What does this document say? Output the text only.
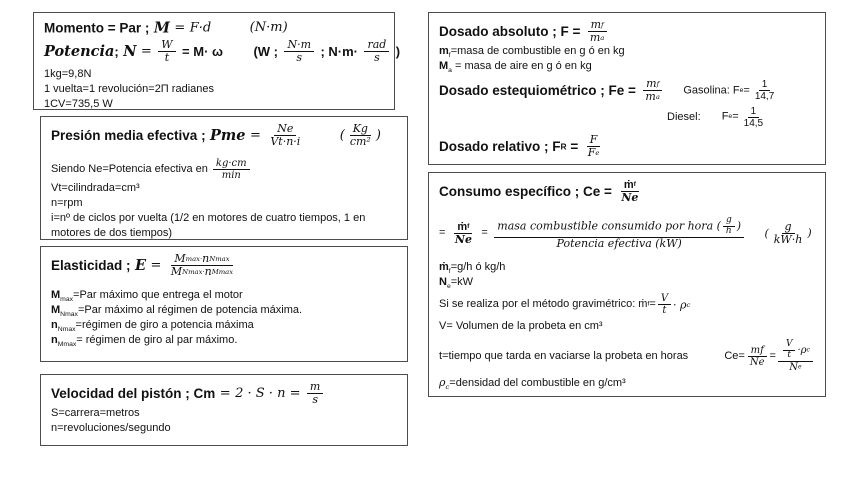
Momento = Par ; M = F·d	(N·m)
Potencia; $N = \frac{W}{t} = M\cdot \omega$ (W ; $\frac{N\cdot m}{s}$ ; $N\cdot m\cdot \frac{\text{rad}}{s}$ )
1kg=9,8N
1 vuelta=1 revolución=2Π radianes
1CV=735,5 W
Presión media efectiva ; Pme = $\frac{Ne}{Vt\cdot n\cdot i}$	( $\frac{Kg}{\text{cm²}}$ )
Siendo Ne=Potencia efectiva en $\frac{kg\cdot cm}{\min}$
Vt=cilindrada=cm³
n=rpm
i=nº de ciclos por vuelta (1/2 en motores de cuatro tiempos, 1 en motores de dos tiempos)
Elasticidad ; $E = \frac{Mmax\cdot nNmax}{MNmax\cdot nMmax}$
$M_{max}=Par$ máximo que entrega el motor
$M_{Nmax}=Par$ máximo al régimen de potencia máxima.
$n_{Nmax}=régimen$ de giro a potencia máxima
$n_{Mmax}=$ régimen de giro al par máximo.
Velocidad del pistón ; $Cm = 2 \cdot S \cdot n = \frac{m}{s}$
S=carrera=metros
n=revoluciones/segundo
Dosado absoluto ; $F = \frac{mf}{ma}$
$m_f=masa$ de combustible en g ó en kg
$M_a$ = masa de aire en g ó en kg
Dosado estequiométrico ; $Fe = \frac{mf}{ma}$ Gasolina: $Fe= \frac{1}{14,7}$
Diesel: $Fe= \frac{1}{14,5}$
Dosado relativo ; FR = $\frac{F}{Fe}$
Consumo específico ; $Ce = \frac{\text{ṁf}}{Ne}$
= $\frac{\text{ṁf}}{Ne} = \frac{masa combustible consumido por hora ( \frac{g}{h} )}{\text{Potencia efectiva (kW)}}$ ( $\frac{g}{kW\cdot h}$ )
ṁ$_f$=g/h ó kg/h
$N_e=kW$
Si se realiza por el método gravimétrico: ṁf= $\frac{V}{t} \cdot \rho c$
V= Volumen de la probeta en cm³
t=tiempo que tarda en vaciarse la probeta en horas	$Ce= \frac{mf}{Ne} = \frac{\frac{V}{t} \cdot\rho c}{Ne}$
$\rho_c=densidad$ del combustible en g/cm³
